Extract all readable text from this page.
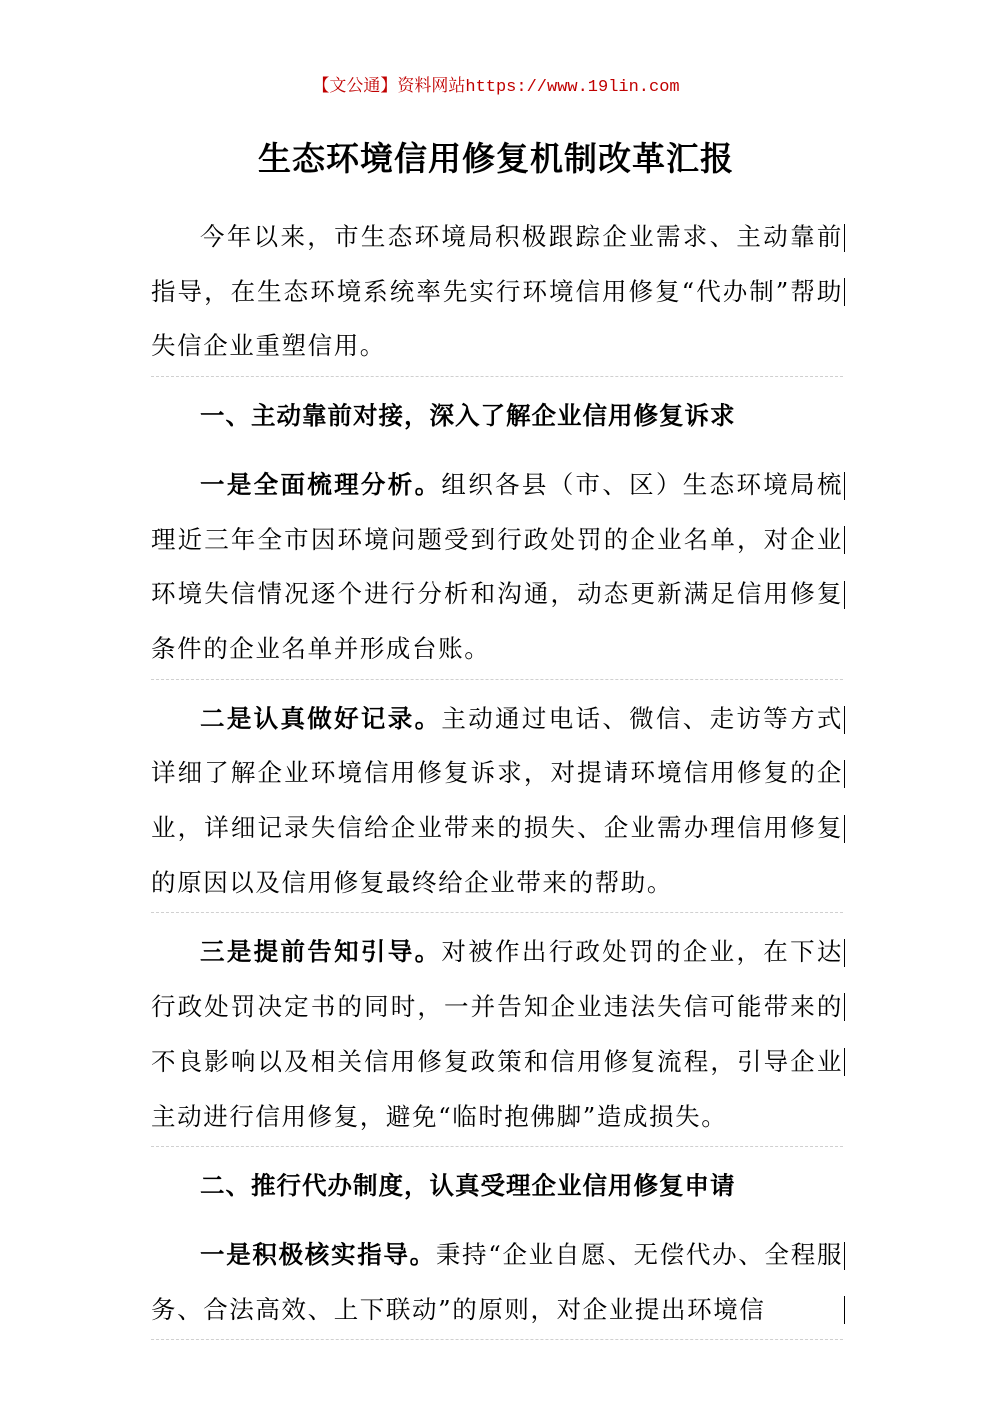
【文公通】资料网站https://www.19lin.com
生态环境信用修复机制改革汇报

今年以来，市生态环境局积极跟踪企业需求、主动靠前指导，在生态环境系统率先实行环境信用修复“代办制”帮助失信企业重塑信用。

一、主动靠前对接，深入了解企业信用修复诉求

一是全面梳理分析。组织各县（市、区）生态环境局梳理近三年全市因环境问题受到行政处罚的企业名单，对企业环境失信情况逐个进行分析和沟通，动态更新满足信用修复条件的企业名单并形成台账。

二是认真做好记录。主动通过电话、微信、走访等方式详细了解企业环境信用修复诉求，对提请环境信用修复的企业，详细记录失信给企业带来的损失、企业需办理信用修复的原因以及信用修复最终给企业带来的帮助。

三是提前告知引导。对被作出行政处罚的企业，在下达行政处罚决定书的同时，一并告知企业违法失信可能带来的不良影响以及相关信用修复政策和信用修复流程，引导企业主动进行信用修复，避免“临时抱佛脚”造成损失。

二、推行代办制度，认真受理企业信用修复申请

一是积极核实指导。秉持“企业自愿、无偿代办、全程服务、合法高效、上下联动”的原则，对企业提出环境信
